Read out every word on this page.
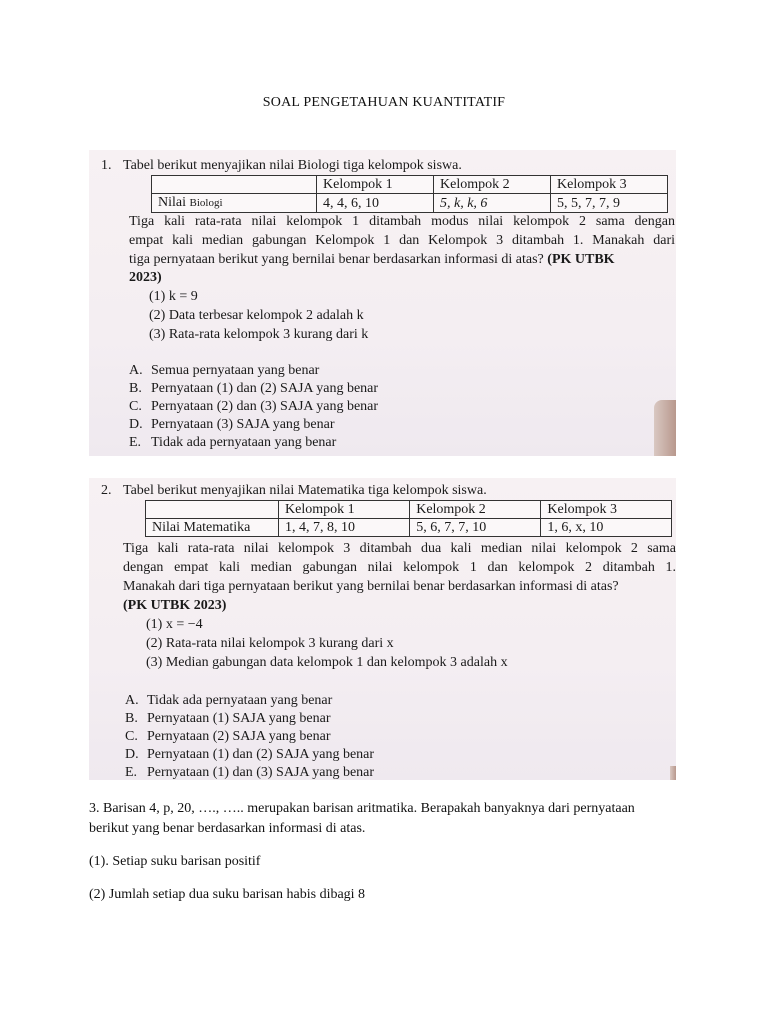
SOAL PENGETAHUAN KUANTITATIF
1. Tabel berikut menyajikan nilai Biologi tiga kelompok siswa.
	Kelompok 1	Kelompok 2	Kelompok 3
Nilai Biologi	4, 4, 6, 10	5, k, k, 6	5, 5, 7, 7, 9
Tiga kali rata-rata nilai kelompok 1 ditambah modus nilai kelompok 2 sama dengan
empat kali median gabungan Kelompok 1 dan Kelompok 3 ditambah 1. Manakah dari
tiga pernyataan berikut yang bernilai benar berdasarkan informasi di atas? (PK UTBK
2023)
(1) k = 9
(2) Data terbesar kelompok 2 adalah k
(3) Rata-rata kelompok 3 kurang dari k
A. Semua pernyataan yang benar
B. Pernyataan (1) dan (2) SAJA yang benar
C. Pernyataan (2) dan (3) SAJA yang benar
D. Pernyataan (3) SAJA yang benar
E. Tidak ada pernyataan yang benar
2. Tabel berikut menyajikan nilai Matematika tiga kelompok siswa.
	Kelompok 1	Kelompok 2	Kelompok 3
Nilai Matematika	1, 4, 7, 8, 10	5, 6, 7, 7, 10	1, 6, x, 10
Tiga kali rata-rata nilai kelompok 3 ditambah dua kali median nilai kelompok 2 sama
dengan empat kali median gabungan nilai kelompok 1 dan kelompok 2 ditambah 1.
Manakah dari tiga pernyataan berikut yang bernilai benar berdasarkan informasi di atas?
(PK UTBK 2023)
(1) x = −4
(2) Rata-rata nilai kelompok 3 kurang dari x
(3) Median gabungan data kelompok 1 dan kelompok 3 adalah x
A. Tidak ada pernyataan yang benar
B. Pernyataan (1) SAJA yang benar
C. Pernyataan (2) SAJA yang benar
D. Pernyataan (1) dan (2) SAJA yang benar
E. Pernyataan (1) dan (3) SAJA yang benar
3. Barisan 4, p, 20, …., ….. merupakan barisan aritmatika. Berapakah banyaknya dari pernyataan
berikut yang benar berdasarkan informasi di atas.
(1). Setiap suku barisan positif
(2) Jumlah setiap dua suku barisan habis dibagi 8
